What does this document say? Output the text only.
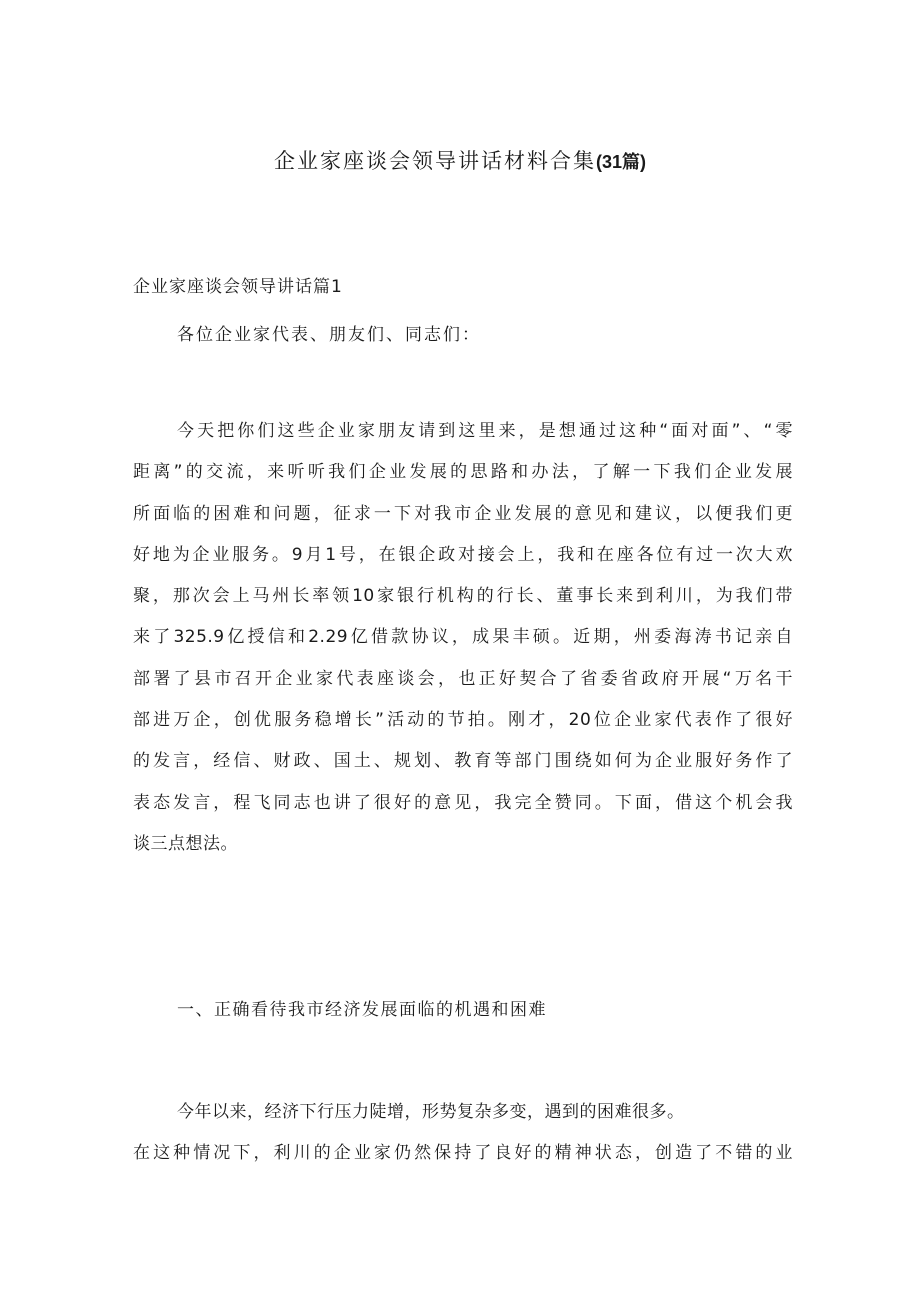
企业家座谈会领导讲话材料合集(31篇)
企业家座谈会领导讲话篇1
各位企业家代表、朋友们、同志们：
今天把你们这些企业家朋友请到这里来，是想通过这种“面对面”、“零
距离”的交流，来听听我们企业发展的思路和办法，了解一下我们企业发展
所面临的困难和问题，征求一下对我市企业发展的意见和建议，以便我们更
好地为企业服务。9月1号，在银企政对接会上，我和在座各位有过一次大欢
聚，那次会上马州长率领10家银行机构的行长、董事长来到利川，为我们带
来了325.9亿授信和2.29亿借款协议，成果丰硕。近期，州委海涛书记亲自
部署了县市召开企业家代表座谈会，也正好契合了省委省政府开展“万名干
部进万企，创优服务稳增长”活动的节拍。刚才，20位企业家代表作了很好
的发言，经信、财政、国土、规划、教育等部门围绕如何为企业服好务作了
表态发言，程飞同志也讲了很好的意见，我完全赞同。下面，借这个机会我
谈三点想法。
一、正确看待我市经济发展面临的机遇和困难
今年以来，经济下行压力陡增，形势复杂多变，遇到的困难很多。
在这种情况下，利川的企业家仍然保持了良好的精神状态，创造了不错的业
